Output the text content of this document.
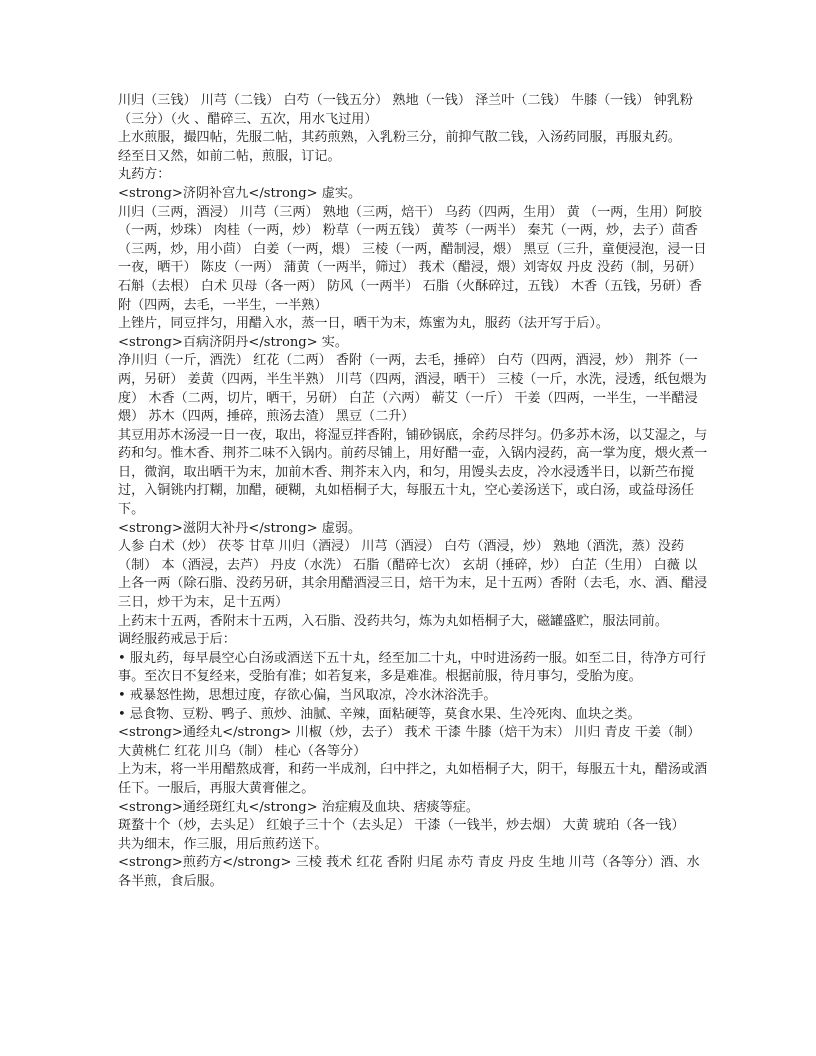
川归（三钱） 川芎（二钱） 白芍（一钱五分） 熟地（一钱） 泽兰叶（二钱） 牛膝（一钱） 钟乳粉（三分）（火 、醋碎三、五次，用水飞过用）

上水煎服，撮四帖，先服二帖，其药煎熟，入乳粉三分，前抑气散二钱，入汤药同服，再服丸药。

经至日又然，如前二帖，煎服，订记。

丸药方：

<strong>济阴补宫九</strong> 虚实。

川归（三两，酒浸） 川芎（三两） 熟地（三两，焙干） 乌药（四两，生用） 黄 （一两，生用）阿胶（一两，炒珠） 肉桂（一两，炒） 粉草（一两五钱） 黄芩（一两半） 秦艽（一两，炒，去子）茴香（三两，炒，用小茴） 白姜（一两，煨） 三棱（一两，醋制浸，煨） 黑豆（三升，童便浸泡，浸一日一夜，晒干） 陈皮（一两） 蒲黄（一两半，筛过） 莪术（醋浸，煨）刘寄奴 丹皮 没药（制，另研）石斛（去根） 白术 贝母（各一两） 防风（一两半） 石脂（火酥碎过，五钱） 木香（五钱，另研）香附（四两，去毛，一半生，一半熟）

上锉片，同豆拌匀，用醋入水，蒸一日，晒干为末，炼蜜为丸，服药（法开写于后）。

<strong>百病济阴丹</strong> 实。

净川归（一斤，酒洗） 红花（二两） 香附（一两，去毛，捶碎） 白芍（四两，酒浸，炒） 荆芥（一两，另研） 姜黄（四两，半生半熟） 川芎（四两，酒浸，晒干） 三棱（一斤，水洗，浸透，纸包煨为度） 木香（二两，切片，晒干，另研） 白芷（六两） 蕲艾（一斤） 干姜（四两，一半生，一半醋浸煨） 苏木（四两，捶碎，煎汤去渣） 黑豆（二升）

其豆用苏木汤浸一日一夜，取出，将湿豆拌香附，铺砂锅底，余药尽拌匀。仍多苏木汤，以艾湿之，与药和匀。惟木香、荆芥二味不入锅内。前药尽铺上，用好醋一壶，入锅内浸药，高一掌为度，煨火煮一日，微润，取出晒干为末，加前木香、荆芥末入内，和匀，用馒头去皮，冷水浸透半日，以新苎布搅过，入铜铫内打糊，加醋，硬糊，丸如梧桐子大，每服五十丸，空心姜汤送下，或白汤，或益母汤任下。

<strong>滋阴大补丹</strong> 虚弱。

人参 白术（炒） 茯苓 甘草 川归（酒浸） 川芎（酒浸） 白芍（酒浸，炒） 熟地（酒洗，蒸）没药（制） 本（酒浸，去芦） 丹皮（水洗） 石脂（醋碎七次） 玄胡（捶碎，炒） 白芷（生用） 白薇 以上各一两（除石脂、没药另研，其余用醋酒浸三日，焙干为末，足十五两）香附（去毛，水、酒、醋浸三日，炒干为末，足十五两）

上药末十五两，香附末十五两，入石脂、没药共匀，炼为丸如梧桐子大，磁罐盛贮，服法同前。

调经服药戒忌于后：

• 服丸药，每早晨空心白汤或酒送下五十丸，经至加二十丸，中时进汤药一服。如至二日，待净方可行事。至次日不复经来，受胎有准；如若复来，多是难准。根据前服，待月事匀，受胎为度。

• 戒暴怒性拗，思想过度，存欲心偏，当风取凉，冷水沐浴洗手。

• 忌食物、豆粉、鸭子、煎炒、油腻、辛辣，面粘硬等，莫食水果、生冷死肉、血块之类。

<strong>通经丸</strong> 川椒（炒，去子） 莪术 干漆 牛膝（焙干为末） 川归 青皮 干姜（制） 大黄桃仁 红花 川乌（制） 桂心（各等分）

上为末，将一半用醋熬成膏，和药一半成剂，臼中拌之，丸如梧桐子大，阴干，每服五十丸，醋汤或酒任下。一服后，再服大黄膏催之。

<strong>通经斑红丸</strong> 治症瘕及血块、痞痰等症。

斑蝥十个（炒，去头足） 红娘子三十个（去头足） 干漆（一钱半，炒去烟） 大黄 琥珀（各一钱）

共为细末，作三服，用后煎药送下。

<strong>煎药方</strong> 三棱 莪术 红花 香附 归尾 赤芍 青皮 丹皮 生地 川芎（各等分）酒、水各半煎，食后服。
